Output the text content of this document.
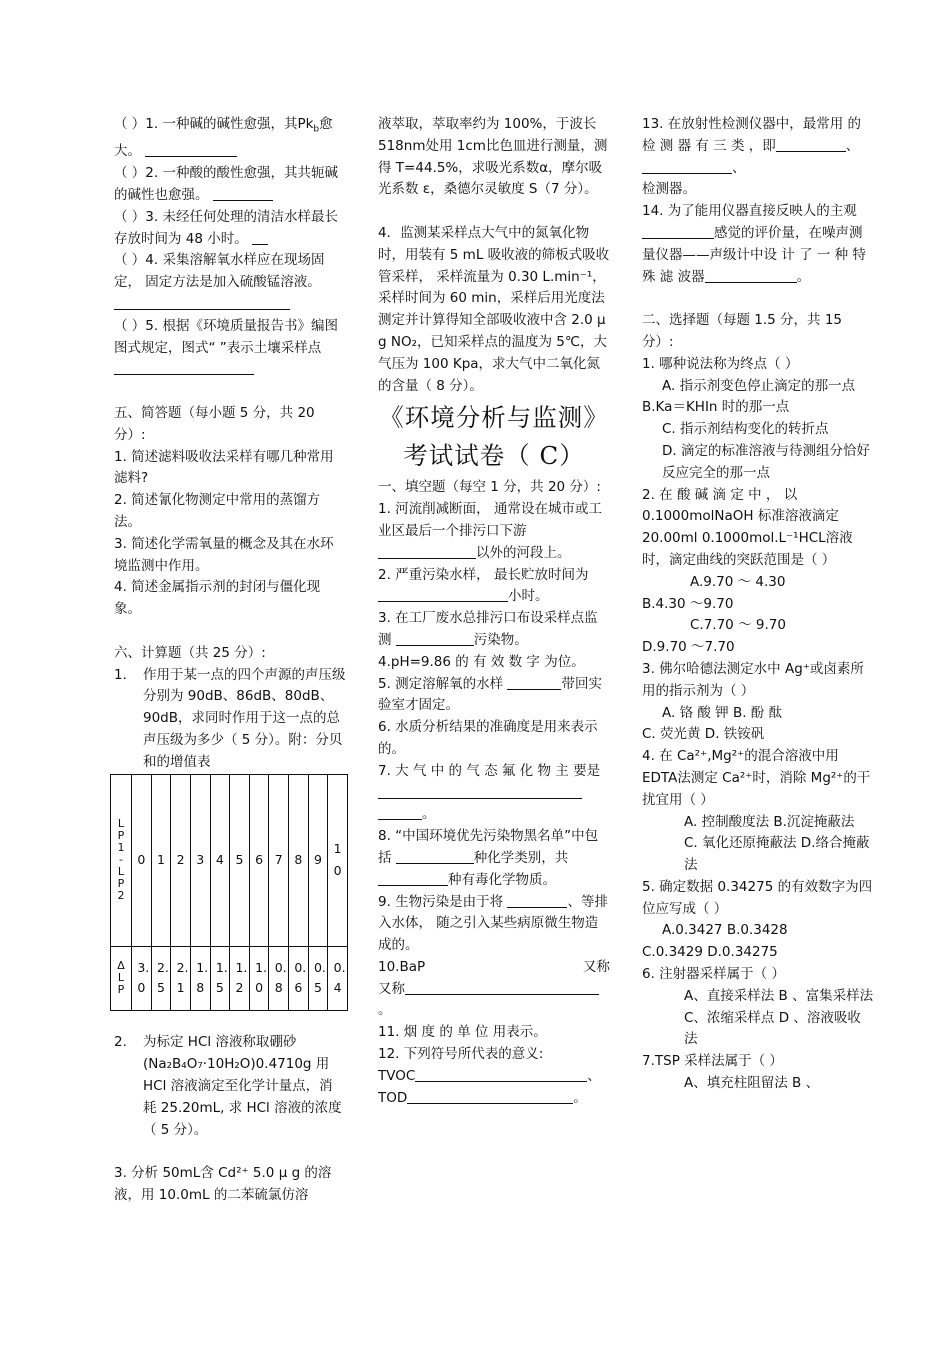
（ ）1. 一种碱的碱性愈强，其$Pk_b$愈大。

（ ）2. 一种酸的酸性愈强，其共轭碱的碱性也愈强。

（ ）3. 未经任何处理的清洁水样最长存放时间为 48 小时。

（ ）4. 采集溶解氧水样应在现场固定， 固定方法是加入硫酸锰溶液。

（ ）5. 根据《环境质量报告书》编图图式规定，图式“ ”表示土壤采样点

五、简答题（每小题 5 分，共 20 分）:

1. 简述滤料吸收法采样有哪几种常用滤料?

2. 简述氰化物测定中常用的蒸馏方法。

3. 简述化学需氧量的概念及其在水环境监测中作用。

4. 简述金属指示剂的封闭与僵化现象。

六、计算题（共 25 分）:

1.	作用于某一点的四个声源的声压级分别为 90dB、86dB、80dB、90dB，求同时作用于这一点的总声压级为多少（ 5 分）。附：分贝和的增值表
LP1-LP2	0	1	2	3	4	5	6	7	8	9	10

ΔLP	3.0	2.5	2.1	1.8	1.5	1.2	1.0	0.8	0.6	0.5	0.4
2.	为标定 HCl 溶液称取硼砂(Na₂B₄O₇·10H₂O)0.4710g 用 HCl 溶液滴定至化学计量点，消耗 25.20mL, 求 HCl 溶液的浓度（ 5 分）。

3. 分析 50mL含 Cd²⁺ 5.0 μ g 的溶液，用 10.0mL 的二苯硫氯仿溶

液萃取，萃取率约为 100%，于波长 518nm处用 1cm比色皿进行测量，测得 T=44.5%，求吸光系数α，摩尔吸光系数 ε，桑德尔灵敏度 S（7 分）。

4．监测某采样点大气中的氮氧化物时，用装有 5 mL 吸收液的筛板式吸收管采样， 采样流量为 0.30 L.min⁻¹，采样时间为 60 min，采样后用光度法测定并计算得知全部吸收液中含 2.0 μ g NO₂，已知采样点的温度为 5℃，大气压为 100 Kpa，求大气中二氧化氮的含量（ 8 分）。

《环境分析与监测》考试试卷（ C）

一、填空题（每空 1 分，共 20 分）:

1. 河流削减断面， 通常设在城市或工业区最后一个排污口下游
以外的河段上。

2. 严重污染水样， 最长贮放时间为
小时。

3. 在工厂废水总排污口布设采样点监测	污染物。

4.pH=9.86 的 有 效 数 字 为位。

5. 测定溶解氧的水样	带回实验室才固定。

6. 水质分析结果的准确度是用来表示的。

7. 大 气 中 的 气 态 氟 化 物 主 要是
。

8. “中国环境优先污染物黑名单”中包括	种化学类别，共 种有毒化学物质。

9. 生物污染是由于将	、等排入水体， 随之引入某些病原微生物造成的。

10.BaP	又称

又称。

11. 烟 度 的 单 位 用表示。

12. 下列符号所代表的意义:

TVOC	、

TOD	。

13. 在放射性检测仪器中，最常用 的 检 测 器 有 三 类 ，即	、 、
检测器。

14. 为了能用仪器直接反映人的主观 感觉的评价量，在噪声测量仪器——声级计中设 计 了 一 种 特 殊 滤 波器	。

二、选择题（每题 1.5 分，共 15 分）:

1. 哪种说法称为终点（ ）

A. 指示剂变色停止滴定的那一点

B.Ka＝KHIn 时的那一点

C. 指示剂结构变化的转折点

D. 滴定的标准溶液与待测组分恰好反应完全的那一点

2. 在 酸 碱 滴 定 中 ， 以0.1000molNaOH 标准溶液滴定 20.00ml 0.1000mol.L⁻¹HCL溶液时，滴定曲线的突跃范围是（ ）

A.9.70 ～ 4.30

B.4.30 ～9.70

C.7.70 ～ 9.70

D.9.70 ～7.70

3. 佛尔哈德法测定水中 Ag⁺或卤素所用的指示剂为（ ）

A. 铬 酸 钾 B. 酚 酞

C. 荧光黄 D. 铁铵矾

4. 在 Ca²⁺,Mg²⁺的混合溶液中用EDTA法测定 Ca²⁺时，消除 Mg²⁺的干扰宜用（ ）

A. 控制酸度法 B.沉淀掩蔽法

C. 氧化还原掩蔽法 D.络合掩蔽法

5. 确定数据 0.34275 的有效数字为四位应写成（ ）

A.0.3427 B.0.3428

C.0.3429 D.0.34275

6. 注射器采样属于（ ）

A、直接采样法 B 、富集采样法

C、浓缩采样点 D 、溶液吸收法

7.TSP 采样法属于（ ）

A、填充柱阻留法 B 、
